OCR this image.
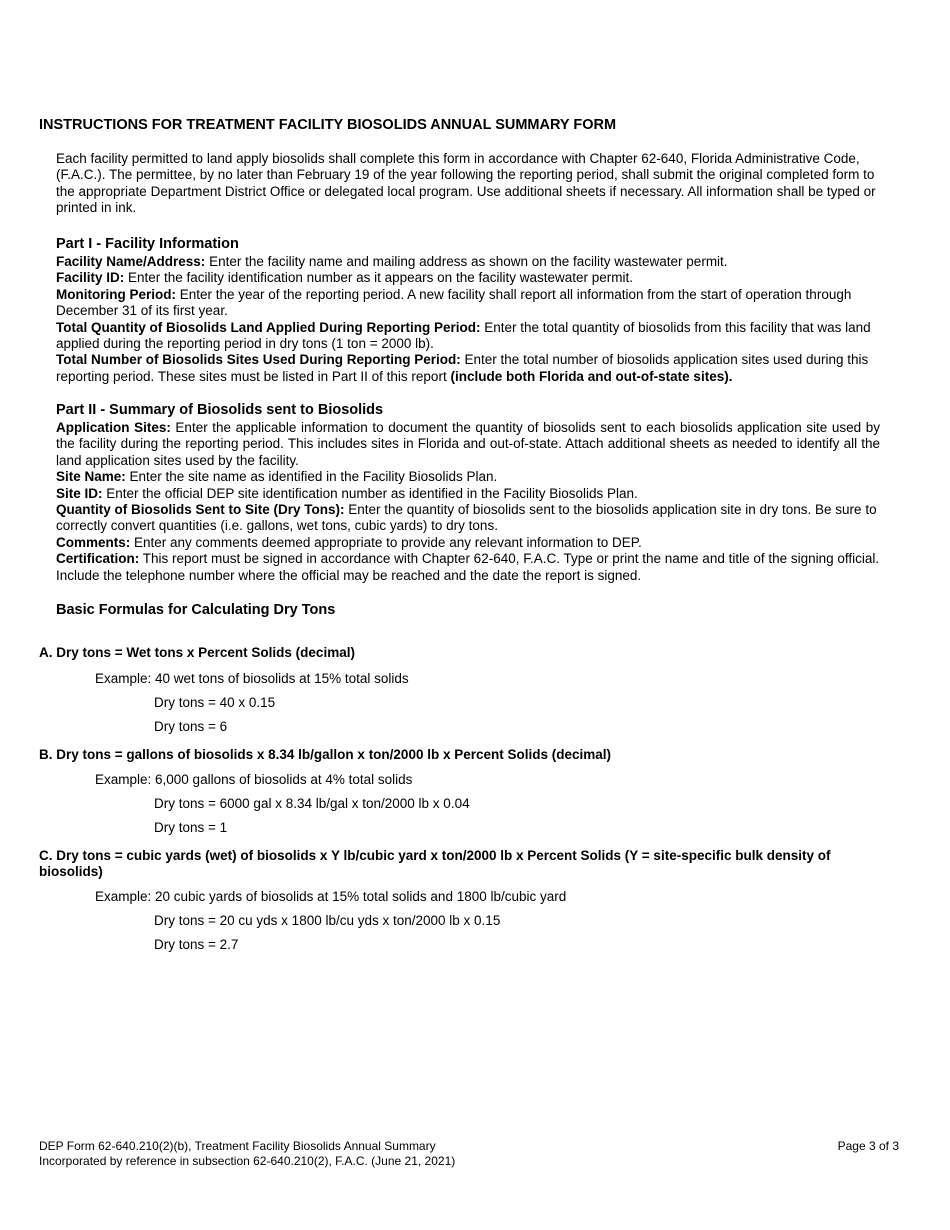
INSTRUCTIONS FOR TREATMENT FACILITY BIOSOLIDS ANNUAL SUMMARY FORM

Each facility permitted to land apply biosolids shall complete this form in accordance with Chapter 62-640, Florida Administrative Code, (F.A.C.). The permittee, by no later than February 19 of the year following the reporting period, shall submit the original completed form to the appropriate Department District Office or delegated local program. Use additional sheets if necessary. All information shall be typed or printed in ink.

Part I - Facility Information

Facility Name/Address: Enter the facility name and mailing address as shown on the facility wastewater permit.

Facility ID: Enter the facility identification number as it appears on the facility wastewater permit.

Monitoring Period: Enter the year of the reporting period. A new facility shall report all information from the start of operation through December 31 of its first year.

Total Quantity of Biosolids Land Applied During Reporting Period: Enter the total quantity of biosolids from this facility that was land applied during the reporting period in dry tons (1 ton = 2000 lb).

Total Number of Biosolids Sites Used During Reporting Period: Enter the total number of biosolids application sites used during this reporting period. These sites must be listed in Part II of this report (include both Florida and out-of-state sites).

Part II - Summary of Biosolids sent to Biosolids

Application Sites: Enter the applicable information to document the quantity of biosolids sent to each biosolids application site used by the facility during the reporting period. This includes sites in Florida and out-of-state. Attach additional sheets as needed to identify all the land application sites used by the facility.

Site Name: Enter the site name as identified in the Facility Biosolids Plan.

Site ID: Enter the official DEP site identification number as identified in the Facility Biosolids Plan.

Quantity of Biosolids Sent to Site (Dry Tons): Enter the quantity of biosolids sent to the biosolids application site in dry tons. Be sure to correctly convert quantities (i.e. gallons, wet tons, cubic yards) to dry tons.

Comments: Enter any comments deemed appropriate to provide any relevant information to DEP.

Certification: This report must be signed in accordance with Chapter 62-640, F.A.C. Type or print the name and title of the signing official. Include the telephone number where the official may be reached and the date the report is signed.

Basic Formulas for Calculating Dry Tons

A. Dry tons = Wet tons x Percent Solids (decimal)

Example: 40 wet tons of biosolids at 15% total solids

Dry tons = 40 x 0.15

Dry tons = 6

B. Dry tons = gallons of biosolids x 8.34 lb/gallon x ton/2000 lb x Percent Solids (decimal)

Example: 6,000 gallons of biosolids at 4% total solids

Dry tons = 6000 gal x 8.34 lb/gal x ton/2000 lb x 0.04

Dry tons = 1

C. Dry tons = cubic yards (wet) of biosolids x Y lb/cubic yard x ton/2000 lb x Percent Solids (Y = site-specific bulk density of biosolids)

Example: 20 cubic yards of biosolids at 15% total solids and 1800 lb/cubic yard

Dry tons = 20 cu yds x 1800 lb/cu yds x ton/2000 lb x 0.15

Dry tons = 2.7

DEP Form 62-640.210(2)(b), Treatment Facility Biosolids Annual Summary
Incorporated by reference in subsection 62-640.210(2), F.A.C. (June 21, 2021)
Page 3 of 3
